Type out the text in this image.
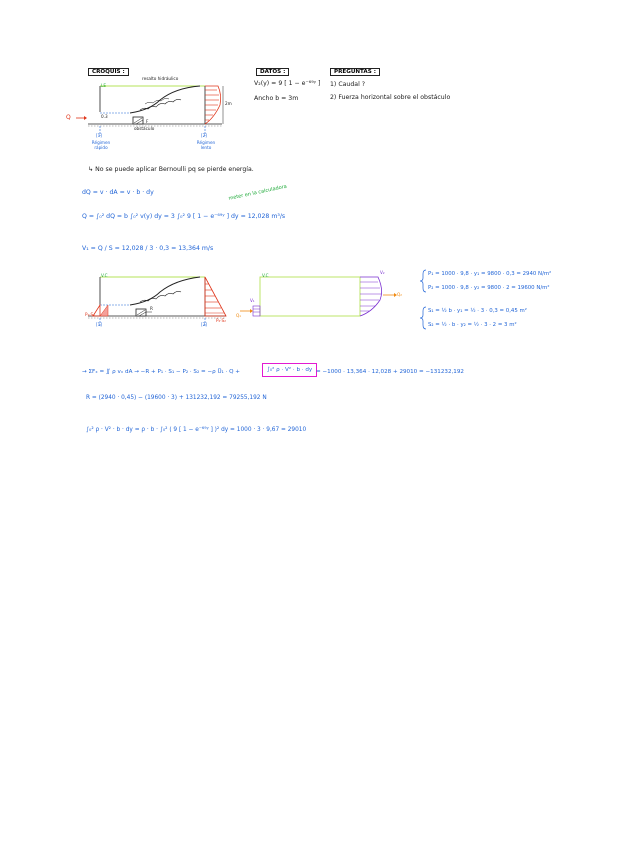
CROQUIS :	DATOS :	PREGUNTAS :
resalto hidráulico
Q	0.3
2m
LE
F
obstáculo
[1]	[2]
Régimen rápido
Régimen lento
V₂(y) = 9 [ 1 − e⁻⁶⁹ʸ ]
Ancho b = 3m
1) Caudal ?
2) Fuerza horizontal sobre el obstáculo
↳ No se puede aplicar Bernoulli pq se pierde energía.
dQ = v · dA = v · b · dy	meter en la calculadora
Q = ∫₀² dQ = b ∫₀² v(y) dy = 3 ∫₀² 9 [ 1 − e⁻⁶⁹ʸ ] dy = 12,028 m³/s
V₁ = Q / S = 12,028 / 3 · 0,3 = 13,364 m/s
V.C	V.C
P₁·S₁
P₂·S₂
R
[1]	[2]
V₁
V₂
Q₁
Q₂
P₁ = 1000 · 9,8 · y₁ = 9800 · 0,3 = 2940 N/m²
P₂ = 1000 · 9,8 · y₂ = 9800 · 2 = 19600 N/m²
S₁ = ½ b · y₁ = ½ · 3 · 0,3 = 0,45 m²
S₂ = ½ · b · y₂ = ½ · 3 · 2 = 3 m²
→ ΣFₓ = ∬ ρ vₓ dA → −R + P₁ · S₁ − P₂ · S₂ = −ρ U̅₁ · Q +	∫₀² ρ · V² · b · dy = −1000 · 13,364 · 12,028 + 29010 = −131232,192
R = (2940 · 0,45) − (19600 · 3) + 131232,192 = 79255,192 N
∫₀² ρ · V² · b · dy = ρ · b · ∫₀² ( 9 [ 1 − e⁻⁶⁹ʸ ] )² dy = 1000 · 3 · 9,67 = 29010
